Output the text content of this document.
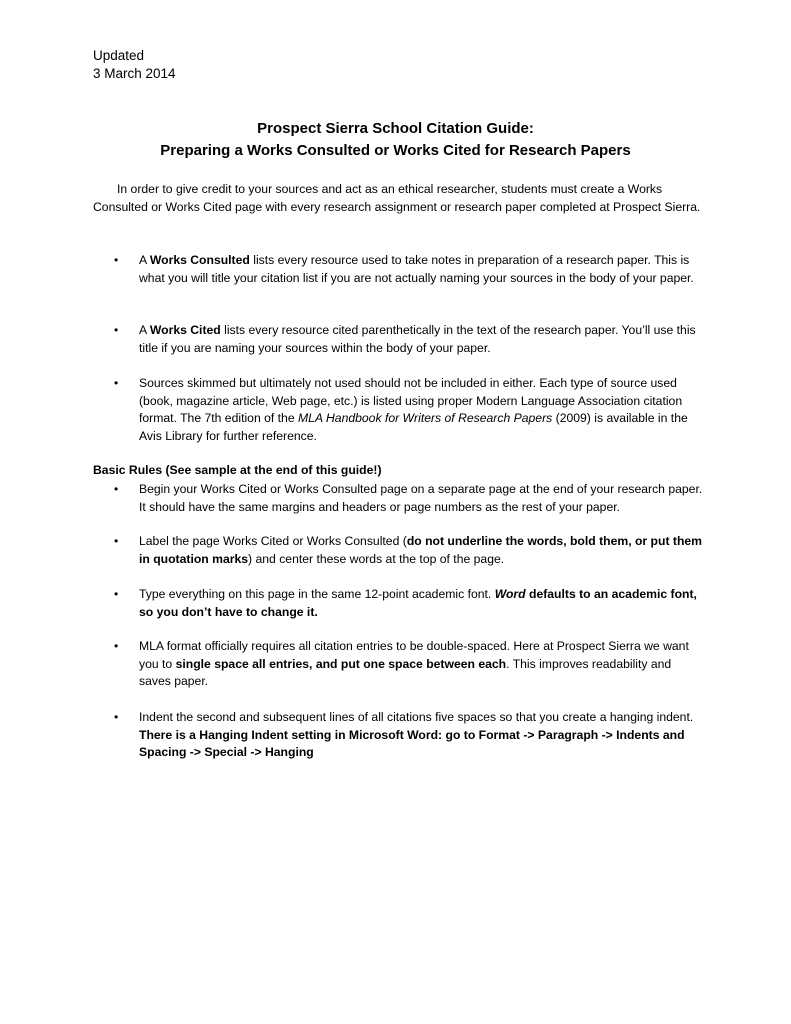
Updated
3 March 2014
Prospect Sierra School Citation Guide:
Preparing a Works Consulted or Works Cited for Research Papers

In order to give credit to your sources and act as an ethical researcher, students must create a Works Consulted or Works Cited page with every research assignment or research paper completed at Prospect Sierra.

• A Works Consulted lists every resource used to take notes in preparation of a research paper. This is what you will title your citation list if you are not actually naming your sources in the body of your paper.

• A Works Cited lists every resource cited parenthetically in the text of the research paper. You’ll use this title if you are naming your sources within the body of your paper.

• Sources skimmed but ultimately not used should not be included in either. Each type of source used (book, magazine article, Web page, etc.) is listed using proper Modern Language Association citation format. The 7th edition of the MLA Handbook for Writers of Research Papers (2009) is available in the Avis Library for further reference.

Basic Rules (See sample at the end of this guide!)

• Begin your Works Cited or Works Consulted page on a separate page at the end of your research paper. It should have the same margins and headers or page numbers as the rest of your paper.

• Label the page Works Cited or Works Consulted (do not underline the words, bold them, or put them in quotation marks) and center these words at the top of the page.

• Type everything on this page in the same 12-point academic font. Word defaults to an academic font, so you don’t have to change it.

• MLA format officially requires all citation entries to be double-spaced. Here at Prospect Sierra we want you to single space all entries, and put one space between each. This improves readability and saves paper.

• Indent the second and subsequent lines of all citations five spaces so that you create a hanging indent. There is a Hanging Indent setting in Microsoft Word: go to Format -> Paragraph -> Indents and Spacing -> Special -> Hanging
